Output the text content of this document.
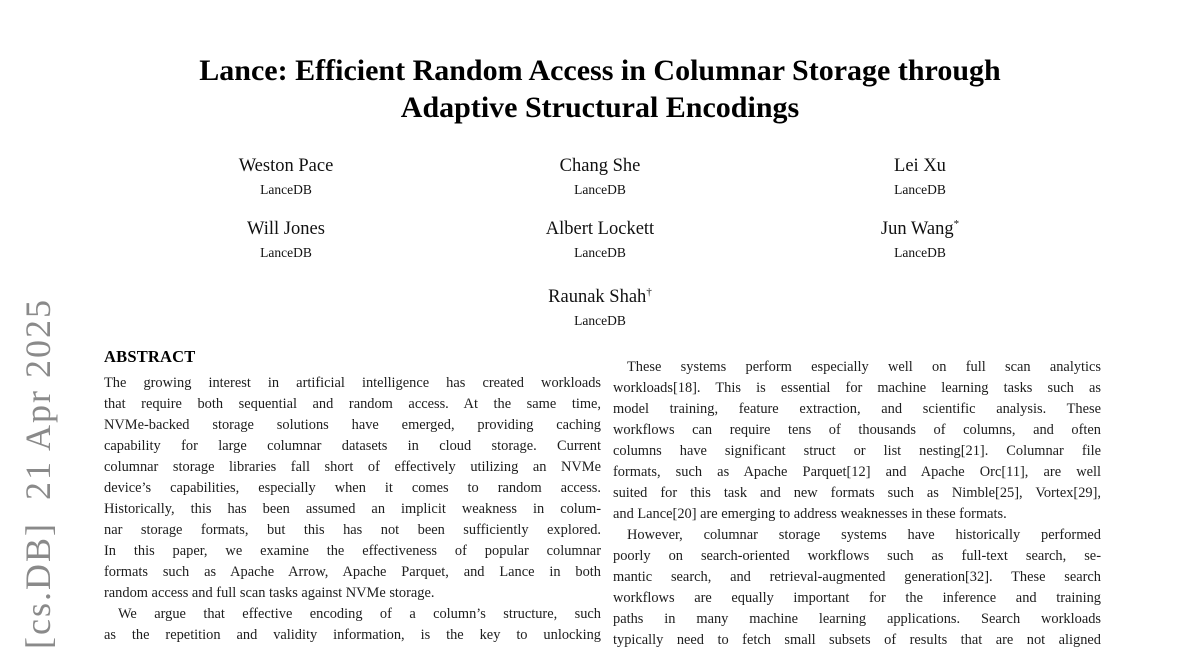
[cs.DB]  21 Apr 2025
Lance: Efficient Random Access in Columnar Storage through
Adaptive Structural Encodings
Weston Pace
LanceDB
Chang She
LanceDB
Lei Xu
LanceDB
Will Jones
LanceDB
Albert Lockett
LanceDB
Jun Wang*
LanceDB
Raunak Shah†
LanceDB
ABSTRACT
The growing interest in artificial intelligence has created workloads
that require both sequential and random access. At the same time,
NVMe-backed storage solutions have emerged, providing caching
capability for large columnar datasets in cloud storage. Current
columnar storage libraries fall short of effectively utilizing an NVMe
device’s capabilities, especially when it comes to random access.
Historically, this has been assumed an implicit weakness in colum-
nar storage formats, but this has not been sufficiently explored.
In this paper, we examine the effectiveness of popular columnar
formats such as Apache Arrow, Apache Parquet, and Lance in both
random access and full scan tasks against NVMe storage.
We argue that effective encoding of a column’s structure, such
as the repetition and validity information, is the key to unlocking
These systems perform especially well on full scan analytics
workloads[18]. This is essential for machine learning tasks such as
model training, feature extraction, and scientific analysis. These
workflows can require tens of thousands of columns, and often
columns have significant struct or list nesting[21]. Columnar file
formats, such as Apache Parquet[12] and Apache Orc[11], are well
suited for this task and new formats such as Nimble[25], Vortex[29],
and Lance[20] are emerging to address weaknesses in these formats.
However, columnar storage systems have historically performed
poorly on search-oriented workflows such as full-text search, se-
mantic search, and retrieval-augmented generation[32]. These search
workflows are equally important for the inference and training
paths in many machine learning applications. Search workloads
typically need to fetch small subsets of results that are not aligned
